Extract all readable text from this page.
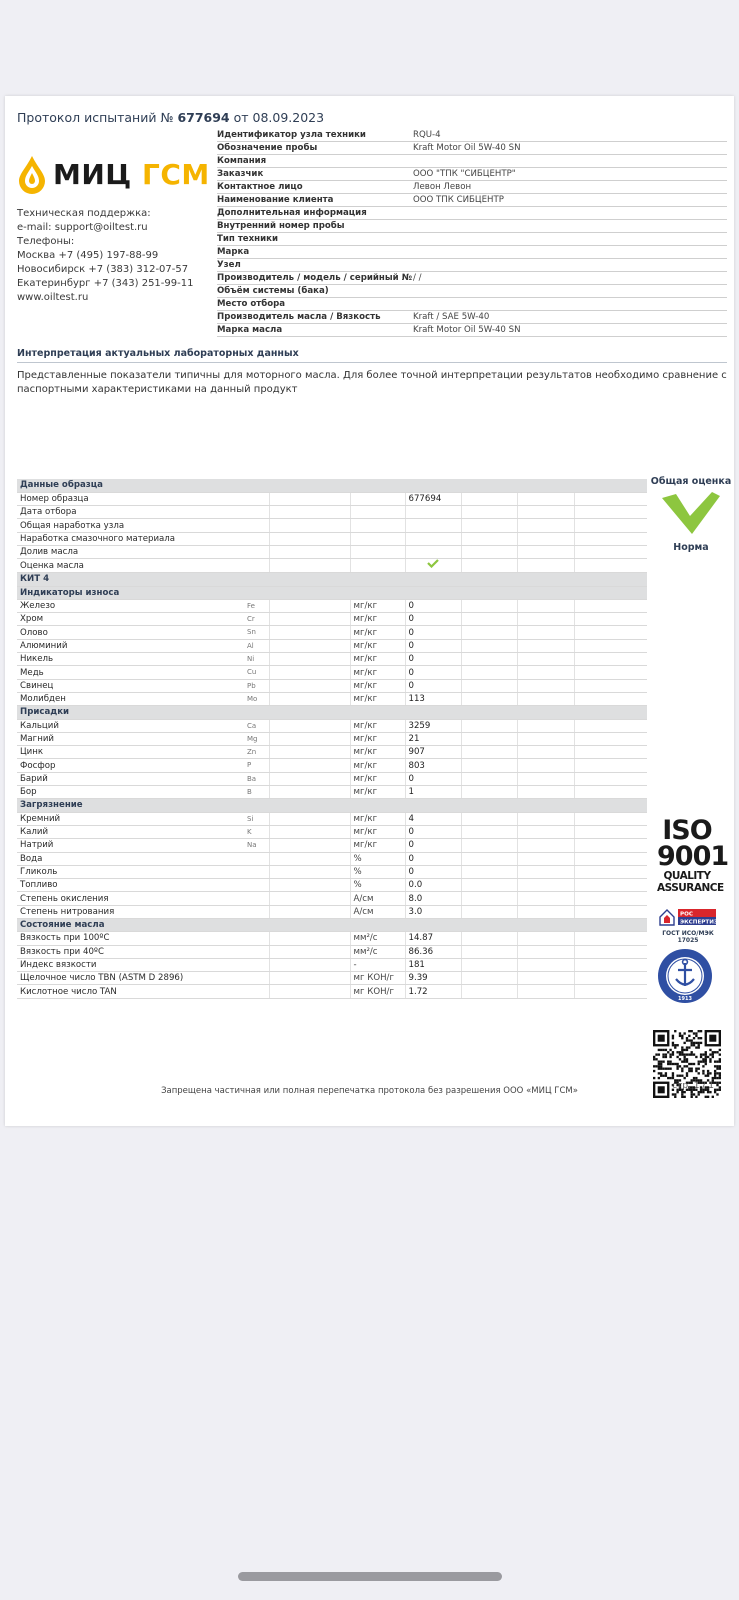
Протокол испытаний № 677694 от 08.09.2023
МИЦ ГСМ
Техническая поддержка:
e-mail: support@oiltest.ru
Телефоны:
Москва +7 (495) 197-88-99
Новосибирск +7 (383) 312-07-57
Екатеринбург +7 (343) 251-99-11
www.oiltest.ru
Идентификатор узла техники	RQU-4
Обозначение пробы	Kraft Motor Oil 5W-40 SN
Компания
Заказчик	ООО "ТПК "СИБЦЕНТР"
Контактное лицо	Левон Левон
Наименование клиента	ООО ТПК СИБЦЕНТР
Дополнительная информация
Внутренний номер пробы
Тип техники
Марка
Узел
Производитель / модель / серийный № / /
Объём системы (бака)
Место отбора
Производитель масла / Вязкость	Kraft / SAE 5W-40
Марка масла	Kraft Motor Oil 5W-40 SN
Интерпретация актуальных лабораторных данных
Представленные показатели типичны для моторного масла. Для более точной интерпретации результатов необходимо сравнение с паспортными характеристиками на данный продукт
Данные образца						
Номер образца			677694			
Дата отбора						
Общая наработка узла						
Наработка смазочного материала						
Долив масла						
Оценка масла						
КИТ 4						
Индикаторы износа						
Железо Fe		мг/кг	0			
Хром Cr		мг/кг	0			
Олово Sn		мг/кг	0			
Алюминий Al		мг/кг	0			
Никель Ni		мг/кг	0			
Медь Cu		мг/кг	0			
Свинец Pb		мг/кг	0			
Молибден Mo		мг/кг	113			
Присадки						
Кальций Ca		мг/кг	3259			
Магний Mg		мг/кг	21			
Цинк Zn		мг/кг	907			
Фосфор P		мг/кг	803			
Барий Ba		мг/кг	0			
Бор B		мг/кг	1			
Загрязнение						
Кремний Si		мг/кг	4			
Калий K		мг/кг	0			
Натрий Na		мг/кг	0			
Вода		%	0			
Гликоль		%	0			
Топливо		%	0.0			
Степень окисления		А/см	8.0			
Степень нитрования		А/см	3.0			
Состояние масла						
Вязкость при 100ºС		мм²/с	14.87			
Вязкость при 40ºС		мм²/с	86.36			
Индекс вязкости		-	181			
Щелочное число TBN (ASTM D 2896)		мг КОН/г	9.39			
Кислотное число TAN		мг КОН/г	1.72			
Общая оценка
Норма
ISO
9001
QUALITY
ASSURANCE
РОС
ЭКСПЕРТИЗА
ГОСТ ИСО/МЭК
17025
1913
Запрещена частичная или полная перепечатка протокола без разрешения ООО «МИЦ ГСМ»	стр. 1 / 1
